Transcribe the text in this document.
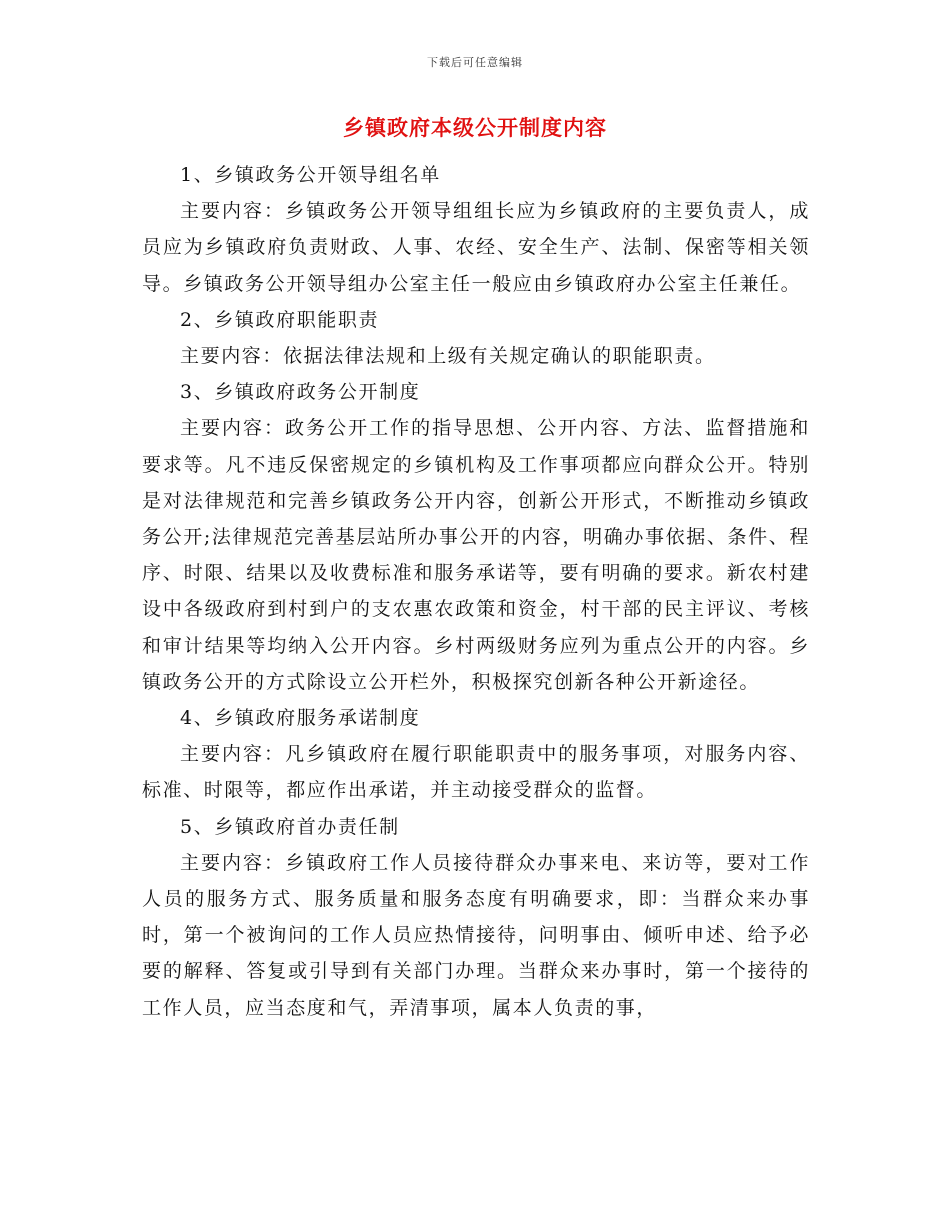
下载后可任意编辑
乡镇政府本级公开制度内容

1、乡镇政务公开领导组名单

主要内容：乡镇政务公开领导组组长应为乡镇政府的主要负责人，成员应为乡镇政府负责财政、人事、农经、安全生产、法制、保密等相关领导。乡镇政务公开领导组办公室主任一般应由乡镇政府办公室主任兼任。

2、乡镇政府职能职责

主要内容：依据法律法规和上级有关规定确认的职能职责。

3、乡镇政府政务公开制度

主要内容：政务公开工作的指导思想、公开内容、方法、监督措施和要求等。凡不违反保密规定的乡镇机构及工作事项都应向群众公开。特别是对法律规范和完善乡镇政务公开内容，创新公开形式，不断推动乡镇政务公开;法律规范完善基层站所办事公开的内容，明确办事依据、条件、程序、时限、结果以及收费标准和服务承诺等，要有明确的要求。新农村建设中各级政府到村到户的支农惠农政策和资金，村干部的民主评议、考核和审计结果等均纳入公开内容。乡村两级财务应列为重点公开的内容。乡镇政务公开的方式除设立公开栏外，积极探究创新各种公开新途径。

4、乡镇政府服务承诺制度

主要内容：凡乡镇政府在履行职能职责中的服务事项，对服务内容、标准、时限等，都应作出承诺，并主动接受群众的监督。

5、乡镇政府首办责任制

主要内容：乡镇政府工作人员接待群众办事来电、来访等，要对工作人员的服务方式、服务质量和服务态度有明确要求，即：当群众来办事时，第一个被询问的工作人员应热情接待，问明事由、倾听申述、给予必要的解释、答复或引导到有关部门办理。当群众来办事时，第一个接待的工作人员，应当态度和气，弄清事项，属本人负责的事，
